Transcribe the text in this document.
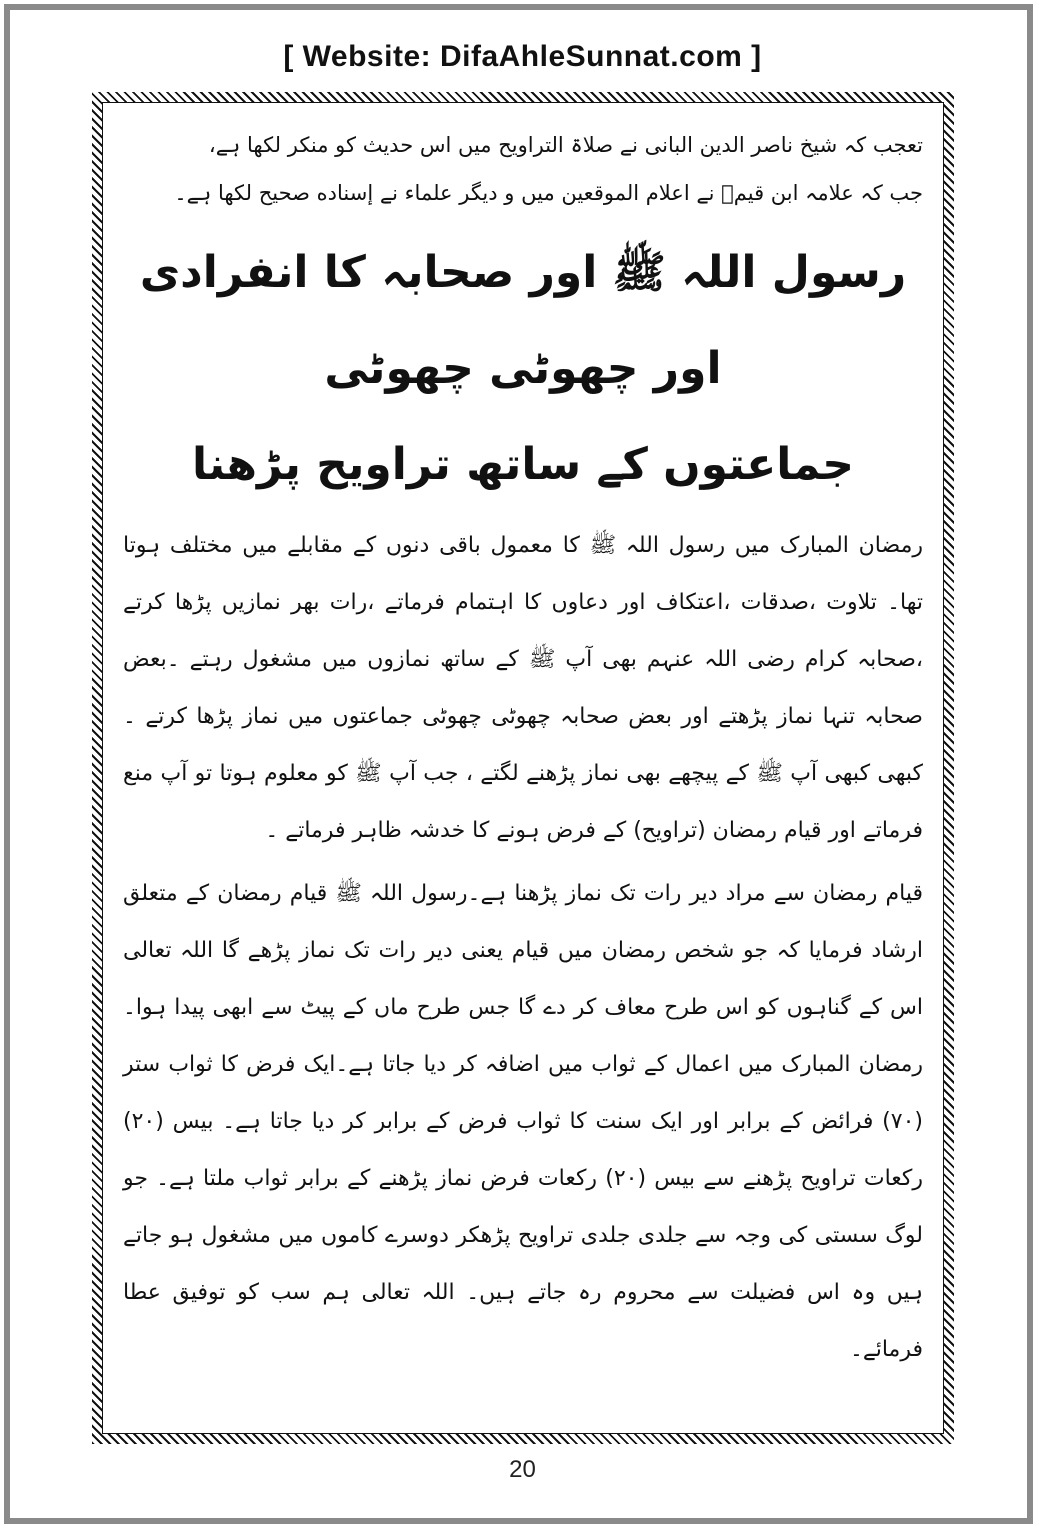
[ Website: DifaAhleSunnat.com ]

تعجب کہ شیخ ناصر الدین البانی نے صلاۃ التراویح میں اس حدیث کو منکر لکھا ہے،

جب کہ علامہ ابن قیمؒ نے اعلام الموقعین میں و دیگر علماء نے إسناده صحیح لکھا ہے۔

رسول اللہ ﷺ اور صحابہ کا انفرادی اور چھوٹی چھوٹی
جماعتوں کے ساتھ تراویح پڑھنا

رمضان المبارک میں رسول اللہ ﷺ کا معمول باقی دنوں کے مقابلے میں مختلف ہوتا تھا۔ تلاوت ،صدقات ،اعتکاف اور دعاوں کا اہتمام فرماتے ،رات بھر نمازیں پڑھا کرتے ،صحابہ کرام رضی اللہ عنہم بھی آپ ﷺ کے ساتھ نمازوں میں مشغول رہتے ۔بعض صحابہ تنہا نماز پڑھتے اور بعض صحابہ چھوٹی چھوٹی جماعتوں میں نماز پڑھا کرتے ۔کبھی کبھی آپ ﷺ کے پیچھے بھی نماز پڑھنے لگتے ، جب آپ ﷺ کو معلوم ہوتا تو آپ منع فرماتے اور قیام رمضان (تراویح) کے فرض ہونے کا خدشہ ظاہر فرماتے ۔

قیام رمضان سے مراد دیر رات تک نماز پڑھنا ہے۔رسول اللہ ﷺ قیام رمضان کے متعلق ارشاد فرمایا کہ جو شخص رمضان میں قیام یعنی دیر رات تک نماز پڑھے گا اللہ تعالی اس کے گناہوں کو اس طرح معاف کر دے گا جس طرح ماں کے پیٹ سے ابھی پیدا ہوا۔ رمضان المبارک میں اعمال کے ثواب میں اضافہ کر دیا جاتا ہے۔ایک فرض کا ثواب ستر (۷۰) فرائض کے برابر اور ایک سنت کا ثواب فرض کے برابر کر دیا جاتا ہے۔ بیس (۲۰) رکعات تراویح پڑھنے سے بیس (۲۰) رکعات فرض نماز پڑھنے کے برابر ثواب ملتا ہے۔ جو لوگ سستی کی وجہ سے جلدی جلدی تراویح پڑھکر دوسرے کاموں میں مشغول ہو جاتے ہیں وہ اس فضیلت سے محروم رہ جاتے ہیں۔ اللہ تعالی ہم سب کو توفیق عطا فرمائے۔

20
